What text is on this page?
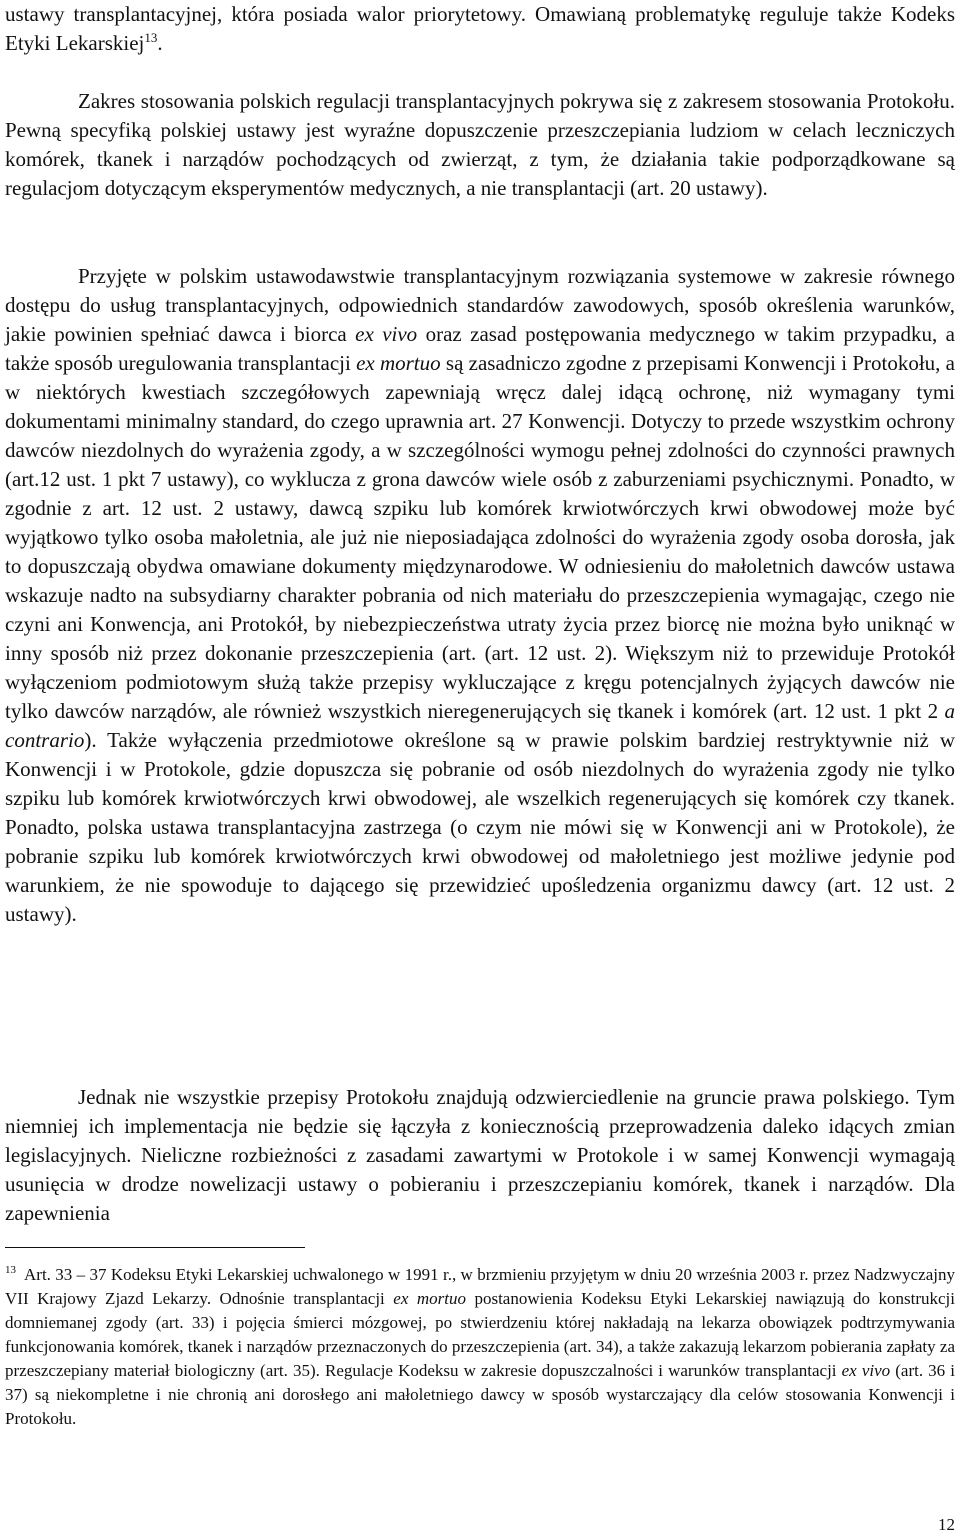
ustawy transplantacyjnej, która posiada walor priorytetowy. Omawianą problematykę reguluje także Kodeks Etyki Lekarskiej$^{13}$.

Zakres stosowania polskich regulacji transplantacyjnych pokrywa się z zakresem stosowania Protokołu. Pewną specyfiką polskiej ustawy jest wyraźne dopuszczenie przeszczepiania ludziom w celach leczniczych komórek, tkanek i narządów pochodzących od zwierząt, z tym, że działania takie podporządkowane są regulacjom dotyczącym eksperymentów medycznych, a nie transplantacji (art. 20 ustawy).

Przyjęte w polskim ustawodawstwie transplantacyjnym rozwiązania systemowe w zakresie równego dostępu do usług transplantacyjnych, odpowiednich standardów zawodowych, sposób określenia warunków, jakie powinien spełniać dawca i biorca ex vivo oraz zasad postępowania medycznego w takim przypadku, a także sposób uregulowania transplantacji ex mortuo są zasadniczo zgodne z przepisami Konwencji i Protokołu, a w niektórych kwestiach szczegółowych zapewniają wręcz dalej idącą ochronę, niż wymagany tymi dokumentami minimalny standard, do czego uprawnia art. 27 Konwencji. Dotyczy to przede wszystkim ochrony dawców niezdolnych do wyrażenia zgody, a w szczególności wymogu pełnej zdolności do czynności prawnych (art.12 ust. 1 pkt 7 ustawy), co wyklucza z grona dawców wiele osób z zaburzeniami psychicznymi. Ponadto, w zgodnie z art. 12 ust. 2 ustawy, dawcą szpiku lub komórek krwiotwórczych krwi obwodowej może być wyjątkowo tylko osoba małoletnia, ale już nie nieposiadająca zdolności do wyrażenia zgody osoba dorosła, jak to dopuszczają obydwa omawiane dokumenty międzynarodowe. W odniesieniu do małoletnich dawców ustawa wskazuje nadto na subsydiarny charakter pobrania od nich materiału do przeszczepienia wymagając, czego nie czyni ani Konwencja, ani Protokół, by niebezpieczeństwa utraty życia przez biorcę nie można było uniknąć w inny sposób niż przez dokonanie przeszczepienia (art. (art. 12 ust. 2). Większym niż to przewiduje Protokół wyłączeniom podmiotowym służą także przepisy wykluczające z kręgu potencjalnych żyjących dawców nie tylko dawców narządów, ale również wszystkich nieregenerujących się tkanek i komórek (art. 12 ust. 1 pkt 2 a contrario). Także wyłączenia przedmiotowe określone są w prawie polskim bardziej restryktywnie niż w Konwencji i w Protokole, gdzie dopuszcza się pobranie od osób niezdolnych do wyrażenia zgody nie tylko szpiku lub komórek krwiotwórczych krwi obwodowej, ale wszelkich regenerujących się komórek czy tkanek. Ponadto, polska ustawa transplantacyjna zastrzega (o czym nie mówi się w Konwencji ani w Protokole), że pobranie szpiku lub komórek krwiotwórczych krwi obwodowej od małoletniego jest możliwe jedynie pod warunkiem, że nie spowoduje to dającego się przewidzieć upośledzenia organizmu dawcy (art. 12 ust. 2 ustawy).

Jednak nie wszystkie przepisy Protokołu znajdują odzwierciedlenie na gruncie prawa polskiego. Tym niemniej ich implementacja nie będzie się łączyła z koniecznością przeprowadzenia daleko idących zmian legislacyjnych. Nieliczne rozbieżności z zasadami zawartymi w Protokole i w samej Konwencji wymagają usunięcia w drodze nowelizacji ustawy o pobieraniu i przeszczepianiu komórek, tkanek i narządów. Dla zapewnienia

$^{13}$ Art. 33 – 37 Kodeksu Etyki Lekarskiej uchwalonego w 1991 r., w brzmieniu przyjętym w dniu 20 września 2003 r. przez Nadzwyczajny VII Krajowy Zjazd Lekarzy. Odnośnie transplantacji ex mortuo postanowienia Kodeksu Etyki Lekarskiej nawiązują do konstrukcji domniemanej zgody (art. 33) i pojęcia śmierci mózgowej, po stwierdzeniu której nakładają na lekarza obowiązek podtrzymywania funkcjonowania komórek, tkanek i narządów przeznaczonych do przeszczepienia (art. 34), a także zakazują lekarzom pobierania zapłaty za przeszczepiany materiał biologiczny (art. 35). Regulacje Kodeksu w zakresie dopuszczalności i warunków transplantacji ex vivo (art. 36 i 37) są niekompletne i nie chronią ani dorosłego ani małoletniego dawcy w sposób wystarczający dla celów stosowania Konwencji i Protokołu.

12
